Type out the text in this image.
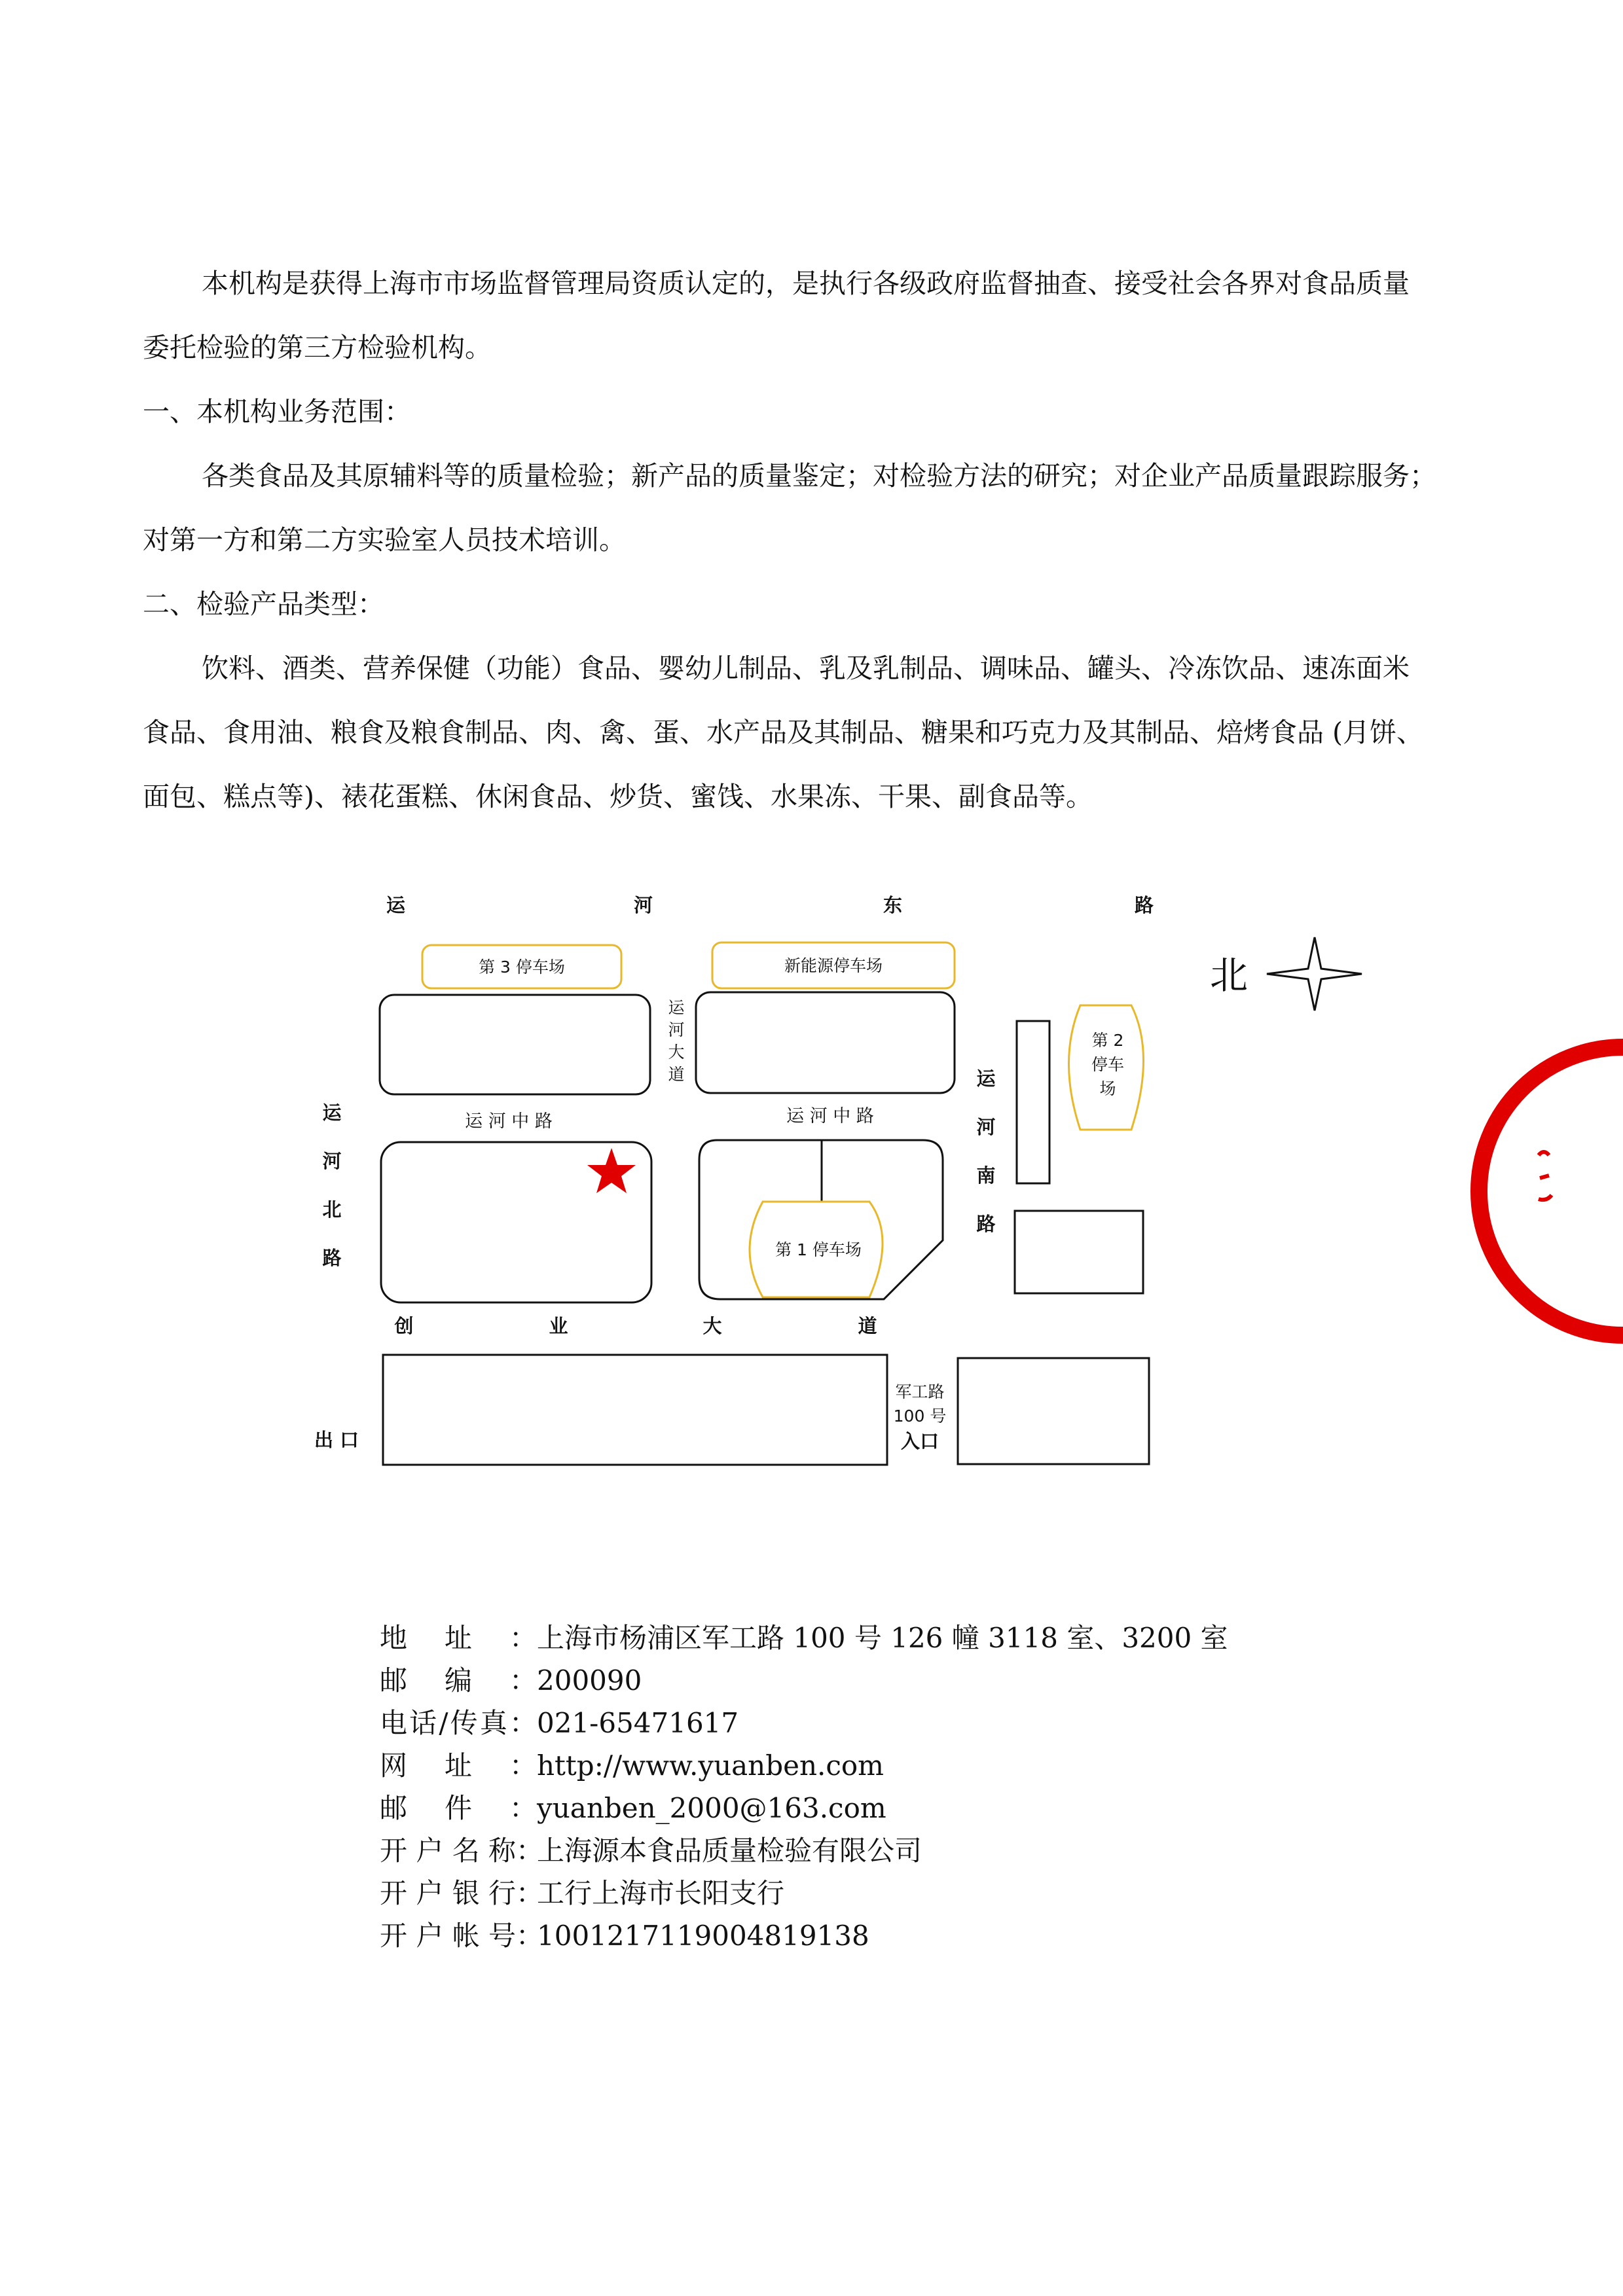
本机构是获得上海市市场监督管理局资质认定的，是执行各级政府监督抽查、接受社会各界对食品质量

委托检验的第三方检验机构。

一、本机构业务范围：

各类食品及其原辅料等的质量检验；新产品的质量鉴定；对检验方法的研究；对企业产品质量跟踪服务；

对第一方和第二方实验室人员技术培训。

二、检验产品类型：

饮料、酒类、营养保健（功能）食品、婴幼儿制品、乳及乳制品、调味品、罐头、冷冻饮品、速冻面米

食品、食用油、粮食及粮食制品、肉、禽、蛋、水产品及其制品、糖果和巧克力及其制品、焙烤食品 (月饼、

面包、糕点等)、裱花蛋糕、休闲食品、炒货、蜜饯、水果冻、干果、副食品等。

运	河	东	路
第 3 停车场	新能源停车场
运
河
大
道
运 河 中 路	运 河 中 路
运
河
北
路	第 1 停车场
运
河
南
路
第 2
停车
场
创	业	大	道
出 口
军工路
100 号
入口
北
地址：上海市杨浦区军工路 100 号 126 幢 3118 室、3200 室
邮编：200090
电话/传真：021-65471617
网址：http://www.yuanben.com
邮件：yuanben_2000@163.com
开 户 名 称：上海源本食品质量检验有限公司
开 户 银 行：工行上海市长阳支行
开 户 帐 号：1001217119004819138
